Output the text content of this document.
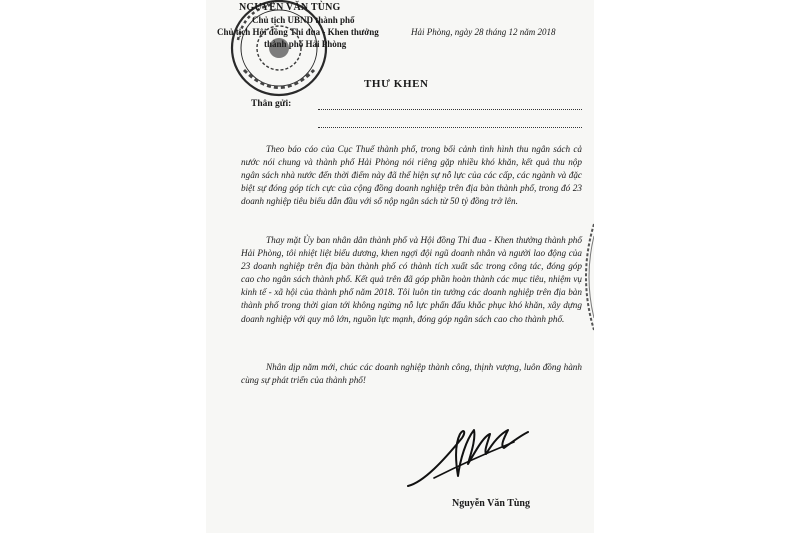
NGUYỄN VĂN TÙNG
Chủ tịch UBND thành phố
Chủ tịch Hội đồng Thi đua - Khen thưởng
thành phố Hải Phòng
Hải Phòng, ngày 28 tháng 12 năm 2018
THƯ KHEN
Thân gửi:
Theo báo cáo của Cục Thuế thành phố, trong bối cảnh tình hình thu ngân sách cả nước nói chung và thành phố Hải Phòng nói riêng gặp nhiều khó khăn, kết quả thu nộp ngân sách nhà nước đến thời điểm này đã thể hiện sự nỗ lực của các cấp, các ngành và đặc biệt sự đóng góp tích cực của cộng đồng doanh nghiệp trên địa bàn thành phố, trong đó 23 doanh nghiệp tiêu biểu dẫn đầu với số nộp ngân sách từ 50 tỷ đồng trở lên.
Thay mặt Ủy ban nhân dân thành phố và Hội đồng Thi đua - Khen thưởng thành phố Hải Phòng, tôi nhiệt liệt biểu dương, khen ngợi đội ngũ doanh nhân và người lao động của 23 doanh nghiệp trên địa bàn thành phố có thành tích xuất sắc trong công tác, đóng góp cao cho ngân sách thành phố. Kết quả trên đã góp phần hoàn thành các mục tiêu, nhiệm vụ kinh tế - xã hội của thành phố năm 2018. Tôi luôn tin tưởng các doanh nghiệp trên địa bàn thành phố trong thời gian tới không ngừng nỗ lực phấn đấu khắc phục khó khăn, xây dựng doanh nghiệp với quy mô lớn, nguồn lực mạnh, đóng góp ngân sách cao cho thành phố.
Nhân dịp năm mới, chúc các doanh nghiệp thành công, thịnh vượng, luôn đồng hành cùng sự phát triển của thành phố!
Nguyễn Văn Tùng
